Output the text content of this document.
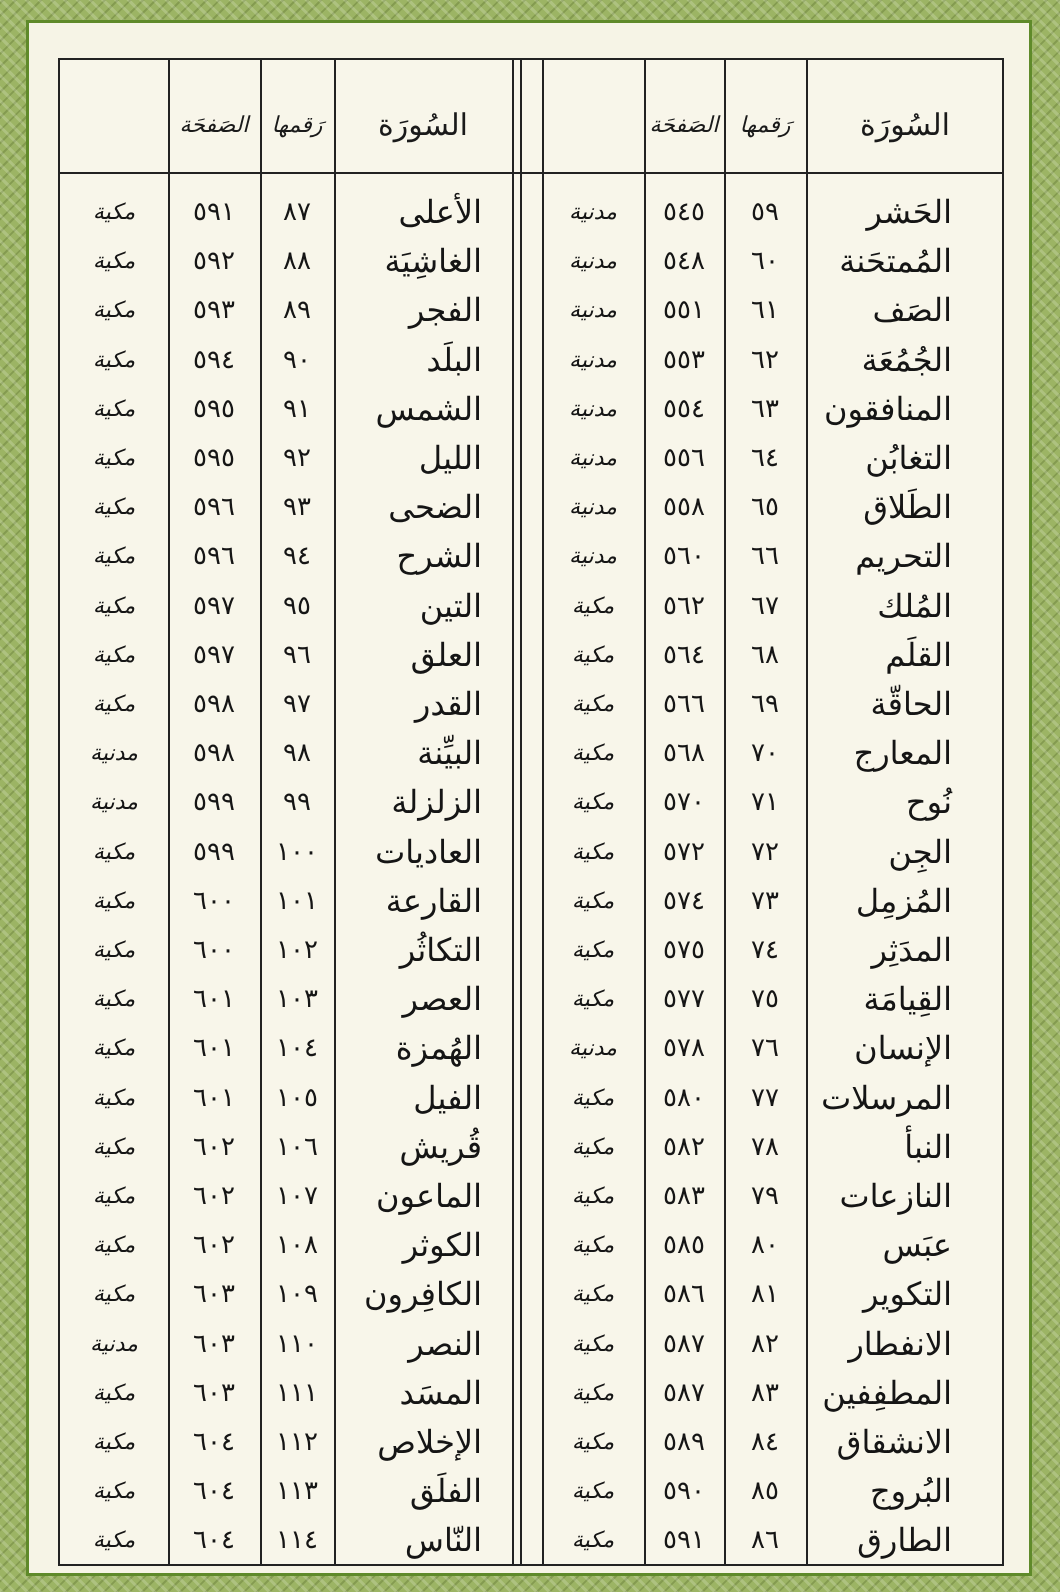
السُورَة
رَقمها
الصَفحَة
السُورَة
رَقمها
الصَفحَة
الحَشر
٥٩
٥٤٥
مدنية
المُمتحَنة
٦٠
٥٤٨
مدنية
الصَف
٦١
٥٥١
مدنية
الجُمُعَة
٦٢
٥٥٣
مدنية
المنافقون
٦٣
٥٥٤
مدنية
التغابُن
٦٤
٥٥٦
مدنية
الطَلاق
٦٥
٥٥٨
مدنية
التحريم
٦٦
٥٦٠
مدنية
المُلك
٦٧
٥٦٢
مكية
القلَم
٦٨
٥٦٤
مكية
الحاقّة
٦٩
٥٦٦
مكية
المعارج
٧٠
٥٦٨
مكية
نُوح
٧١
٥٧٠
مكية
الجِن
٧٢
٥٧٢
مكية
المُزمِل
٧٣
٥٧٤
مكية
المدَثِر
٧٤
٥٧٥
مكية
القِيامَة
٧٥
٥٧٧
مكية
الإنسان
٧٦
٥٧٨
مدنية
المرسلات
٧٧
٥٨٠
مكية
النبأ
٧٨
٥٨٢
مكية
النازعات
٧٩
٥٨٣
مكية
عبَس
٨٠
٥٨٥
مكية
التكوير
٨١
٥٨٦
مكية
الانفطار
٨٢
٥٨٧
مكية
المطفِفين
٨٣
٥٨٧
مكية
الانشقاق
٨٤
٥٨٩
مكية
البُروج
٨٥
٥٩٠
مكية
الطارق
٨٦
٥٩١
مكية
الأعلى
٨٧
٥٩١
مكية
الغاشِيَة
٨٨
٥٩٢
مكية
الفجر
٨٩
٥٩٣
مكية
البلَد
٩٠
٥٩٤
مكية
الشمس
٩١
٥٩٥
مكية
الليل
٩٢
٥٩٥
مكية
الضحى
٩٣
٥٩٦
مكية
الشرح
٩٤
٥٩٦
مكية
التين
٩٥
٥٩٧
مكية
العلق
٩٦
٥٩٧
مكية
القدر
٩٧
٥٩٨
مكية
البيِّنة
٩٨
٥٩٨
مدنية
الزلزلة
٩٩
٥٩٩
مدنية
العاديات
١٠٠
٥٩٩
مكية
القارعة
١٠١
٦٠٠
مكية
التكاثُر
١٠٢
٦٠٠
مكية
العصر
١٠٣
٦٠١
مكية
الهُمزة
١٠٤
٦٠١
مكية
الفيل
١٠٥
٦٠١
مكية
قُريش
١٠٦
٦٠٢
مكية
الماعون
١٠٧
٦٠٢
مكية
الكوثر
١٠٨
٦٠٢
مكية
الكافِرون
١٠٩
٦٠٣
مكية
النصر
١١٠
٦٠٣
مدنية
المسَد
١١١
٦٠٣
مكية
الإخلاص
١١٢
٦٠٤
مكية
الفلَق
١١٣
٦٠٤
مكية
النّاس
١١٤
٦٠٤
مكية
